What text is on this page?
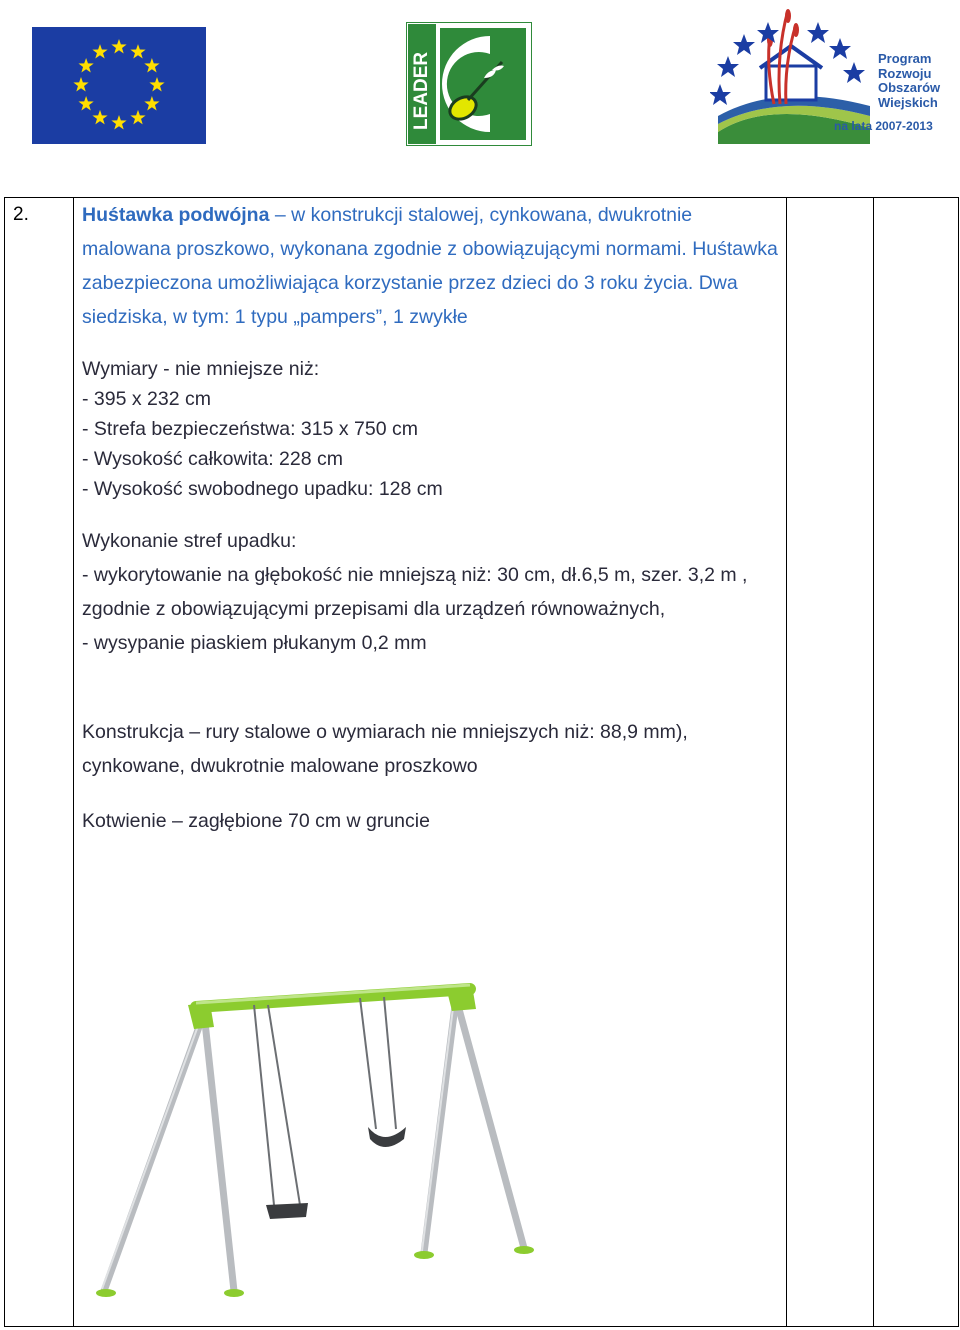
LEADER	Program
Rozwoju
Obszarów
Wiejskich
na lata 2007-2013
2.	Huśtawka podwójna – w konstrukcji stalowej, cynkowana, dwukrotnie malowana proszkowo, wykonana zgodnie z obowiązującymi normami. Huśtawka zabezpieczona umożliwiająca korzystanie przez dzieci do 3 roku życia. Dwa siedziska, w tym: 1 typu „pampers”, 1 zwykłe

Wymiary - nie mniejsze niż:

- 395 x 232 cm

- Strefa bezpieczeństwa: 315 x 750 cm

- Wysokość całkowita: 228 cm

- Wysokość swobodnego upadku: 128 cm

Wykonanie stref upadku:

- wykorytowanie na głębokość nie mniejszą niż: 30 cm, dł.6,5 m, szer. 3,2 m , zgodnie z obowiązującymi przepisami dla urządzeń równoważnych,

- wysypanie piaskiem płukanym 0,2 mm

Konstrukcja – rury stalowe o wymiarach nie mniejszych niż: 88,9 mm), cynkowane, dwukrotnie malowane proszkowo

Kotwienie – zagłębione 70 cm w gruncie
